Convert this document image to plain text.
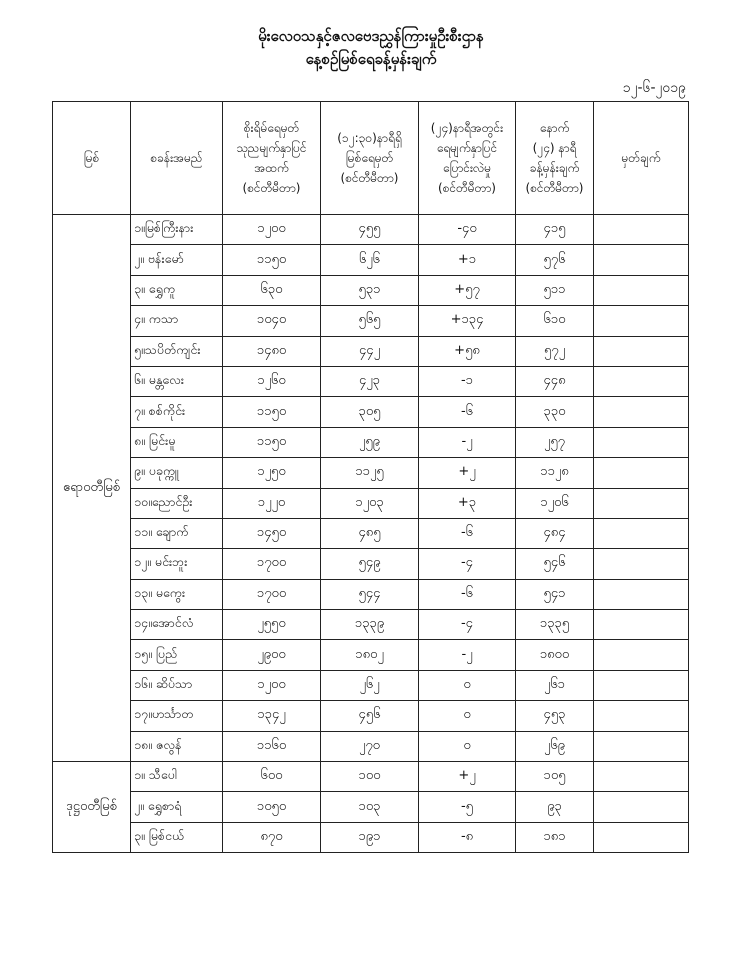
မိုးလေဝသနှင့်ဇလဗေဒညွှန်ကြားမှုဦးစီးဌာန
နေ့စဉ်မြစ်ရေခန့်မှန်းချက်
၁၂-၆-၂၀၁၉
မြစ်	စခန်းအမည်	စိုးရိမ်ရေမှတ်
သုညမျက်နှာပြင်
အထက်
(စင်တီမီတာ)	(၁၂:၃၀)နာရီရှိ
မြစ်ရေမှတ်
(စင်တီမီတာ)	(၂၄)နာရီအတွင်း
ရေမျက်နှာပြင်
ပြောင်းလဲမှု
(စင်တီမီတာ)	နောက်
(၂၄) နာရီ
ခန့်မှန်းချက်
(စင်တီမီတာ)	မှတ်ချက်
ဧရာဝတီမြစ်	၁။မြစ်ကြီးနား	၁၂၀၀	၄၅၅	-၄၀	၄၁၅	
	၂။ ဗန်းမော်	၁၁၅၀	၆၂၆	+၁	၅၇၆	
	၃။ ရွှေကူ	၆၃၀	၅၃၁	+၅၇	၅၁၁	
	၄။ ကသာ	၁၀၄၀	၅၆၅	+၁၃၄	၆၁၀	
	၅။သပိတ်ကျင်း	၁၄၈၀	၄၄၂	+၅၈	၅၇၂	
	၆။ မန္တလေး	၁၂၆၀	၄၂၃	-၁	၄၄၈	
	၇။ စစ်ကိုင်း	၁၁၅၀	၃၀၅	-၆	၃၃၀	
	၈။ မြင်းမူ	၁၁၅၀	၂၅၉	-၂	၂၅၇	
	၉။ ပခုက္ကူ	၁၂၅၀	၁၁၂၅	+၂	၁၁၂၈	
	၁၀။ညောင်ဦး	၁၂၂၀	၁၂၀၃	+၃	၁၂၀၆	
	၁၁။ ချောက်	၁၄၅၀	၄၈၅	-၆	၄၈၄	
	၁၂။ မင်းဘူး	၁၇၀၀	၅၄၉	-၄	၅၄၆	
	၁၃။ မကွေး	၁၇၀၀	၅၄၄	-၆	၅၄၁	
	၁၄။အောင်လံ	၂၅၅၀	၁၃၃၉	-၄	၁၃၃၅	
	၁၅။ ပြည်	၂၉၀၀	၁၈၀၂	-၂	၁၈၀၀	
	၁၆။ ဆိပ်သာ	၁၂၀၀	၂၆၂	၀	၂၆၁	
	၁၇။ဟင်္သာတ	၁၃၄၂	၄၅၆	၀	၄၅၃	
	၁၈။ ဇလွန်	၁၁၆၀	၂၇၀	၀	၂၆၉	
ဒုဋ္ဌဝတီမြစ်	၁။ သီပေါ	၆၀၀	၁၀၀	+၂	၁၀၅	
	၂။ ရွှေစာရံ	၁၀၅၀	၁၀၃	-၅	၉၃	
	၃။ မြစ်ငယ်	၈၇၀	၁၉၁	-၈	၁၈၁	
